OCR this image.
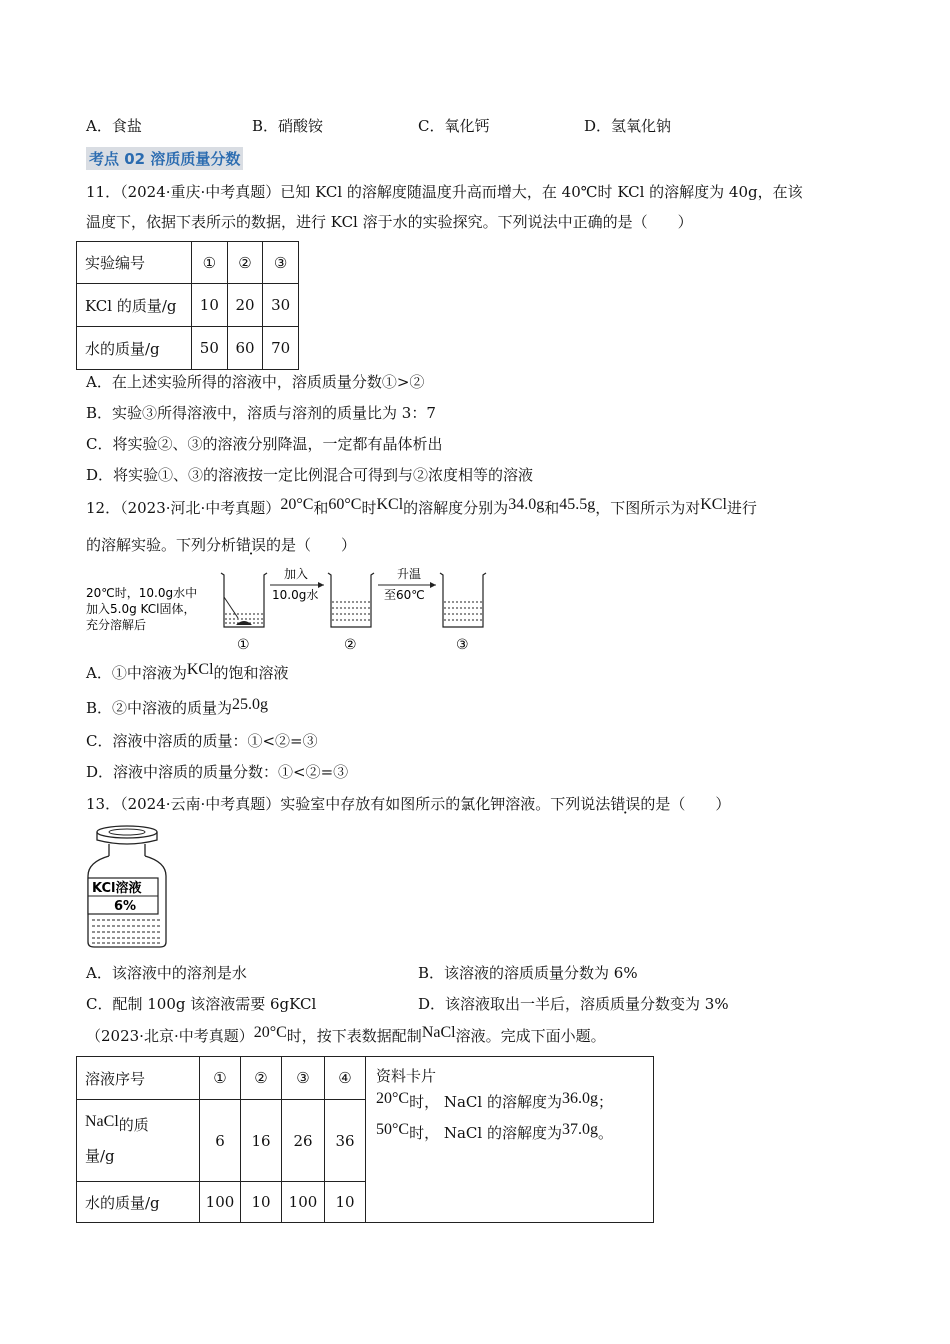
A．食盐	B．硝酸铵	C．氧化钙	D．氢氧化钠
考点 02 溶质质量分数
11．（2024·重庆·中考真题）已知 KCl 的溶解度随温度升高而增大，在 40℃时 KCl 的溶解度为 40g，在该
温度下，依据下表所示的数据，进行 KCl 溶于水的实验探究。下列说法中正确的是（　　）
实验编号	①	②	③
KCl 的质量/g	10	20	30
水的质量/g	50	60	70
A．在上述实验所得的溶液中，溶质质量分数①>②
B．实验③所得溶液中，溶质与溶剂的质量比为 3：7
C．将实验②、③的溶液分别降温，一定都有晶体析出
D．将实验①、③的溶液按一定比例混合可得到与②浓度相等的溶液
12．（2023·河北·中考真题）20°C和60°C时KCl的溶解度分别为34.0g和45.5g，下图所示为对KCl进行
的溶解实验。下列分析错误的是（　　）
20℃时，10.0g水中
加入5.0g KCl固体，
充分溶解后
①
加入
10.0g水
②
升温
至60℃
③
A．①中溶液为KCl的饱和溶液
B．②中溶液的质量为25.0g
C．溶液中溶质的质量：①<②=③
D．溶液中溶质的质量分数：①<②=③
13．（2024·云南·中考真题）实验室中存放有如图所示的氯化钾溶液。下列说法错误的是（　　）
KCl溶液
6%
A．该溶液中的溶剂是水	B．该溶液的溶质质量分数为 6%
C．配制 100g 该溶液需要 6gKCl	D．该溶液取出一半后，溶质质量分数变为 3%
（2023·北京·中考真题）20°C时，按下表数据配制NaCl溶液。完成下面小题。
溶液序号	①	②	③	④	资料卡片
20°C时， NaCl 的溶解度为36.0g；
50°C时， NaCl 的溶解度为37.0g。

NaCl的质
量/g	6	16	26	36	
水的质量/g	100	10	100	10	
